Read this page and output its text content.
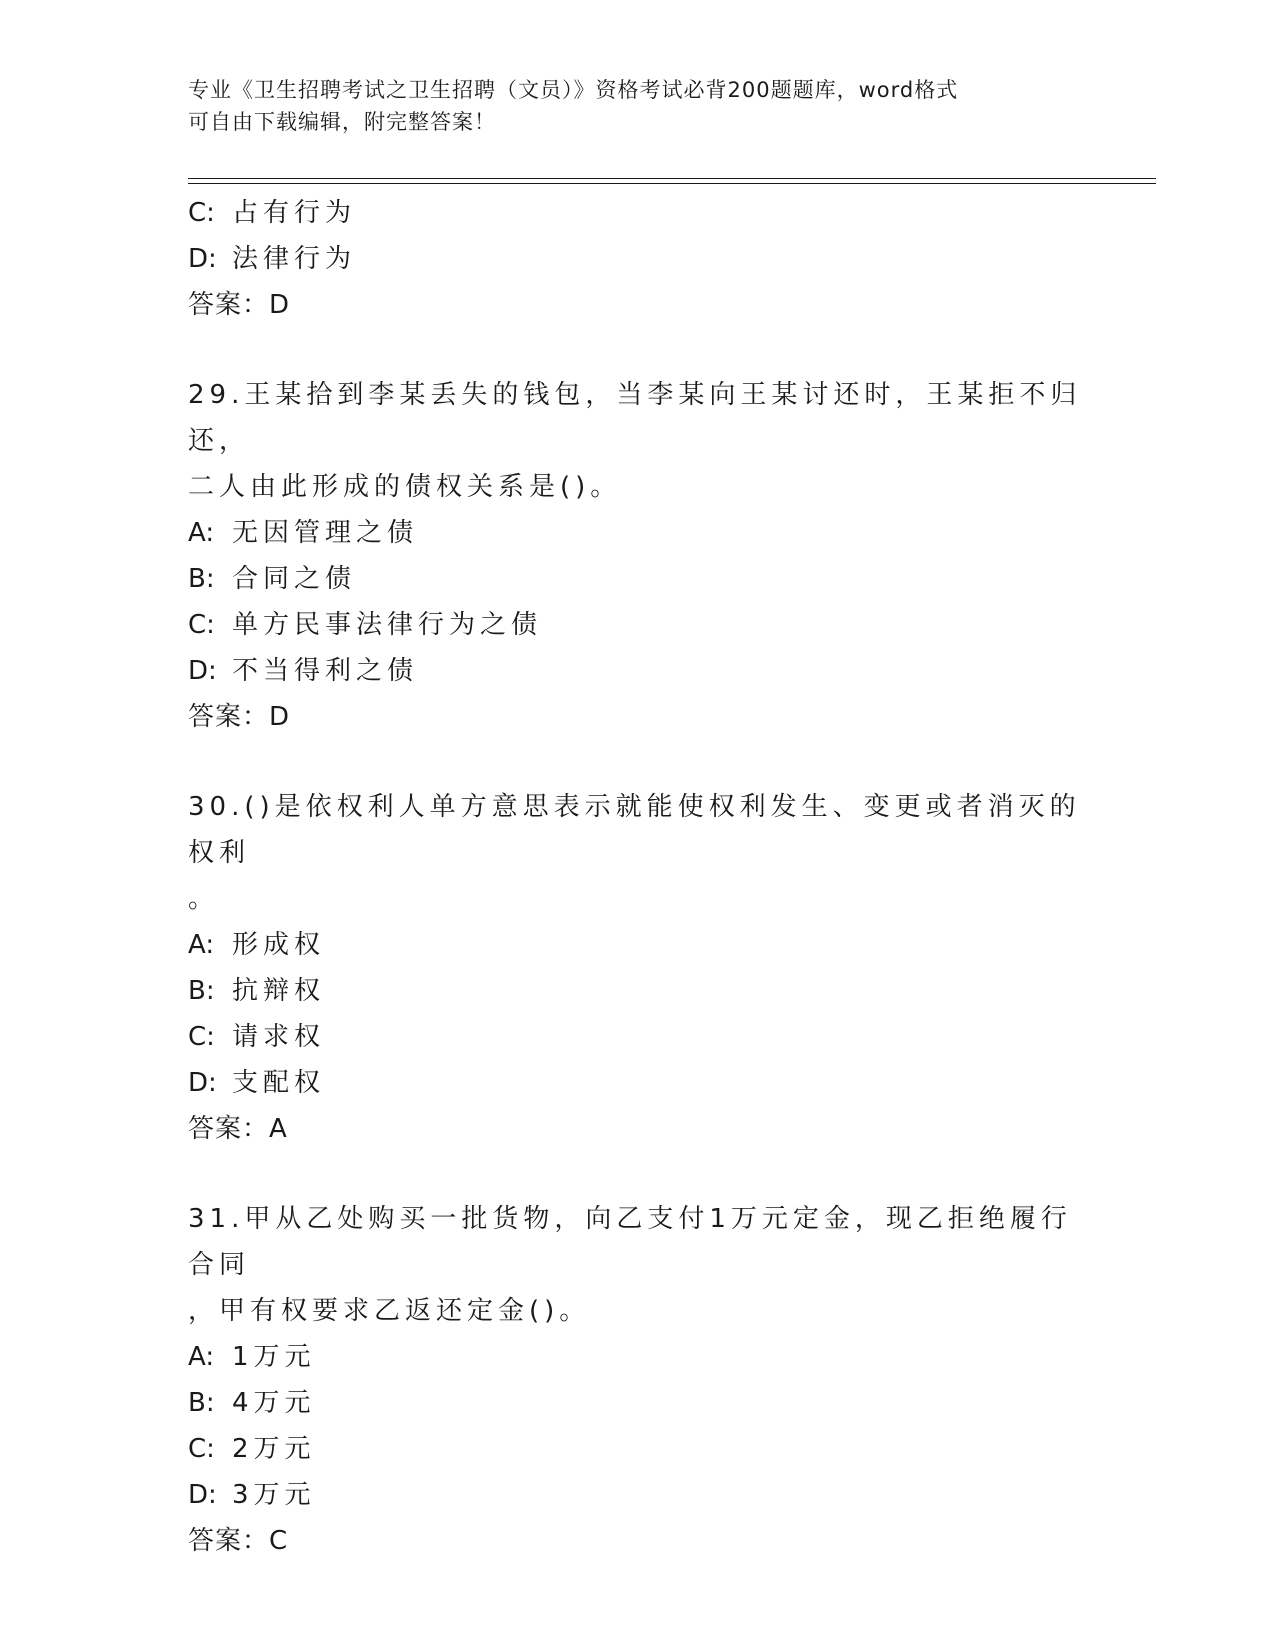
专业《卫生招聘考试之卫生招聘（文员）》资格考试必背200题题库，word格式
可自由下载编辑，附完整答案！
C: 占有行为
D: 法律行为
答案：D
29.王某拾到李某丢失的钱包，当李某向王某讨还时，王某拒不归还，
二人由此形成的债权关系是()。
A: 无因管理之债
B: 合同之债
C: 单方民事法律行为之债
D: 不当得利之债
答案：D
30.()是依权利人单方意思表示就能使权利发生、变更或者消灭的权利
。
A: 形成权
B: 抗辩权
C: 请求权
D: 支配权
答案：A
31.甲从乙处购买一批货物，向乙支付1万元定金，现乙拒绝履行合同
，甲有权要求乙返还定金()。
A: 1万元
B: 4万元
C: 2万元
D: 3万元
答案：C
